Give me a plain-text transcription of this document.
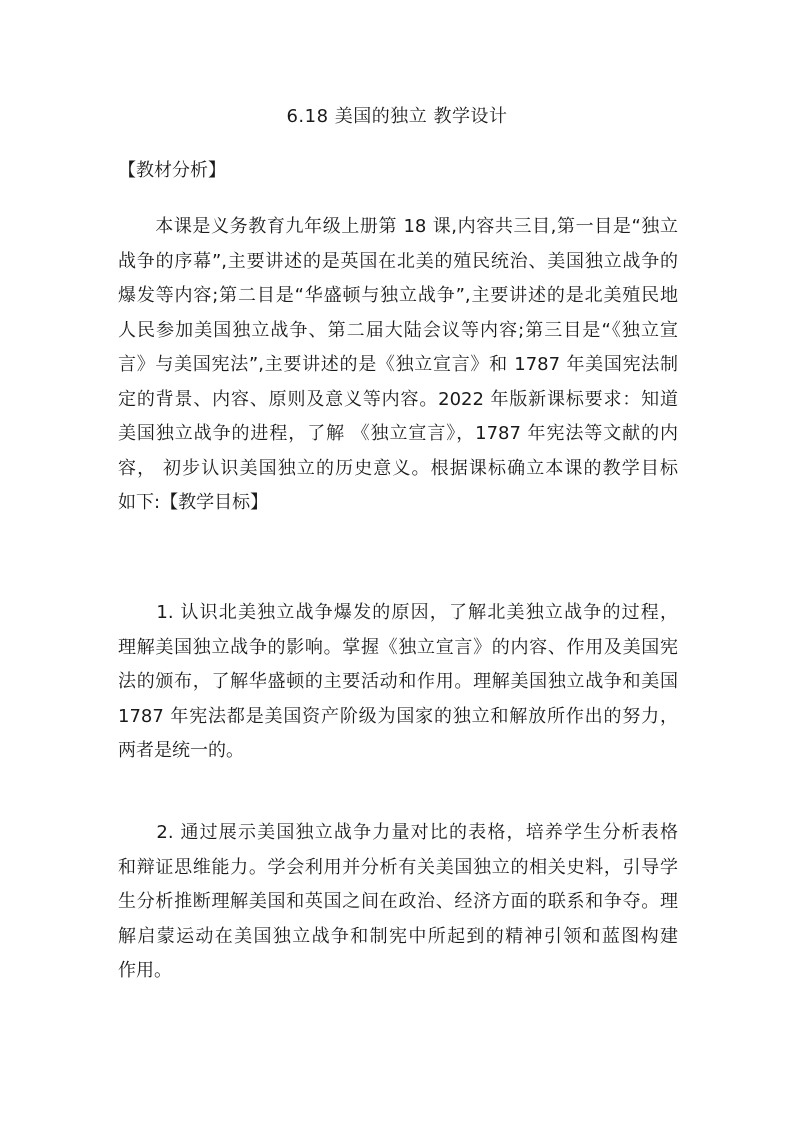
6.18 美国的独立 教学设计
【教材分析】
　　本课是义务教育九年级上册第 18 课,内容共三目,第一目是“独立
战争的序幕”,主要讲述的是英国在北美的殖民统治、美国独立战争的
爆发等内容;第二目是“华盛顿与独立战争”,主要讲述的是北美殖民地
人民参加美国独立战争、第二届大陆会议等内容;第三目是“《独立宣
言》与美国宪法”,主要讲述的是《独立宣言》和 1787 年美国宪法制
定的背景、内容、原则及意义等内容。2022 年版新课标要求：知道
美国独立战争的进程，了解 《独立宣言》，1787 年宪法等文献的内
容， 初步认识美国独立的历史意义。根据课标确立本课的教学目标
如下:【教学目标】
　　1. 认识北美独立战争爆发的原因，了解北美独立战争的过程，
理解美国独立战争的影响。掌握《独立宣言》的内容、作用及美国宪
法的颁布，了解华盛顿的主要活动和作用。理解美国独立战争和美国
1787 年宪法都是美国资产阶级为国家的独立和解放所作出的努力，
两者是统一的。
　　2. 通过展示美国独立战争力量对比的表格，培养学生分析表格
和辩证思维能力。学会利用并分析有关美国独立的相关史料，引导学
生分析推断理解美国和英国之间在政治、经济方面的联系和争夺。理
解启蒙运动在美国独立战争和制宪中所起到的精神引领和蓝图构建
作用。
